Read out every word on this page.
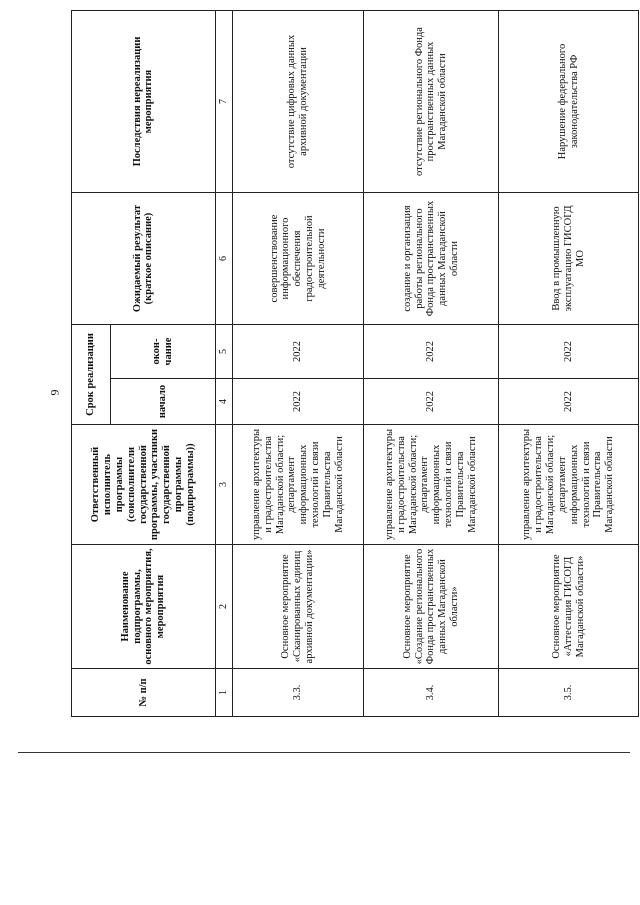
9
№ п/п	Наименование подпрограммы, основного мероприятия, мероприятия	Ответственный исполнитель программы (соисполнители государственной программы, участники государственной программы (подпрограммы))	Срок реализации		Ожидаемый результат (краткое описание)	Последствия нереализации мероприятия
			начало	окон-чание		
1	2	3	4	5	6	7
3.3.	Основное мероприятие «Сканированных единиц архивной документации»	управление архитектуры и градостроительства Магаданской области; департамент информационных технологий и связи Правительства Магаданской области	2022	2022	совершенствование информационного обеспечения градостроительной деятельности	отсутствие цифровых данных архивной документации
3.4.	Основное мероприятие «Создание регионального Фонда пространственных данных Магаданской области»	управление архитектуры и градостроительства Магаданской области; департамент информационных технологий и связи Правительства Магаданской области	2022	2022	создание и организация работы регионального Фонда пространственных данных Магаданской области	отсутствие регионального Фонда пространственных данных Магаданской области
3.5.	Основное мероприятие «Аттестация ГИСОГД Магаданской области»	управление архитектуры и градостроительства Магаданской области; департамент информационных технологий и связи Правительства Магаданской области	2022	2022	Ввод в промышленную эксплуатацию ГИСОГД МО	Нарушение федерального законодательства РФ
